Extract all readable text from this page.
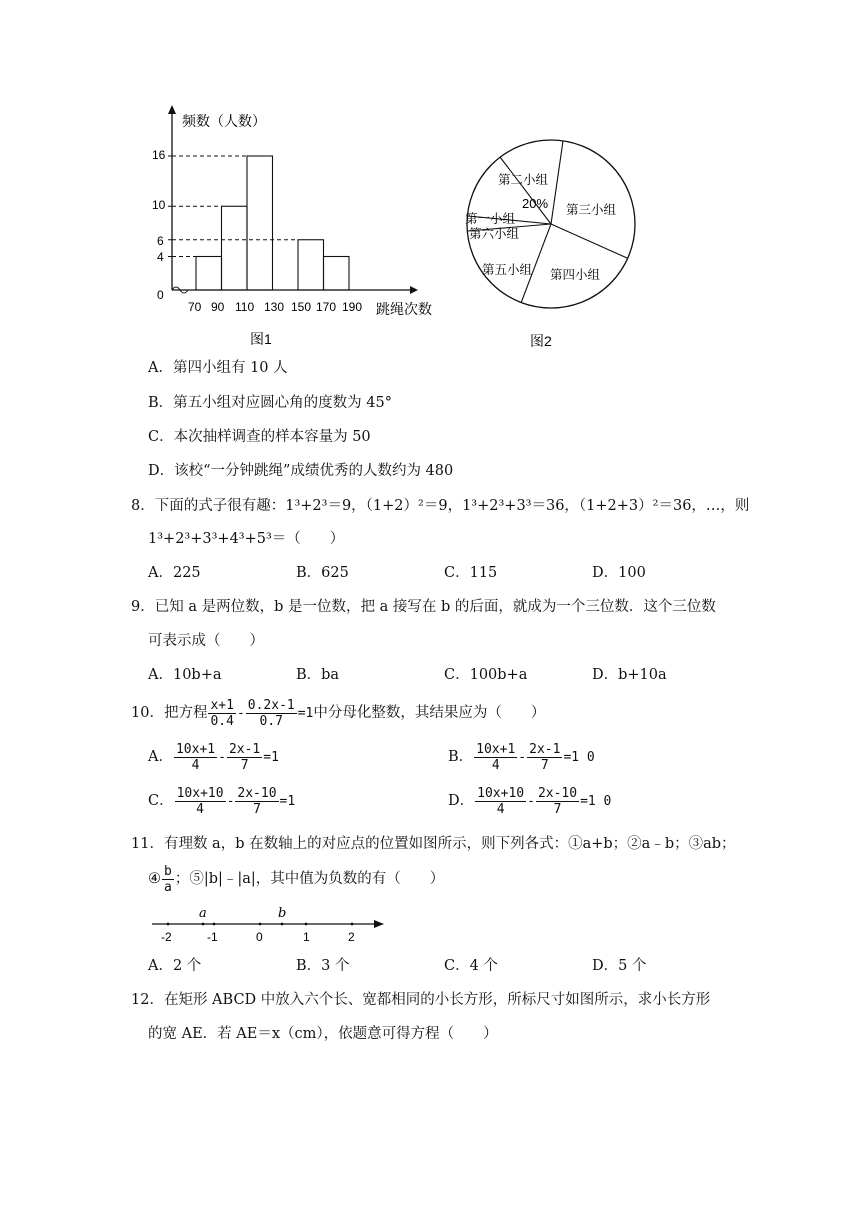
16
10
6
4
0
70 90 110 130 150 170 190
频数（人数）
跳绳次数
图1
第二小组
第三小组
第一小组
第六小组
第五小组 第四小组
20%
图2
A．第四小组有 10 人
B．第五小组对应圆心角的度数为 45°
C．本次抽样调查的样本容量为 50
D．该校“一分钟跳绳”成绩优秀的人数约为 480
8．下面的式子很有趣：1³+2³＝9，（1+2）²＝9，1³+2³+3³＝36，（1+2+3）²＝36，…，则
1³+2³+3³+4³+5³＝（　　）
A．225	B．625	C．115	D．100
9．已知 a 是两位数，b 是一位数，把 a 接写在 b 的后面，就成为一个三位数．这个三位数
可表示成（　　）
A．10b+a	B．ba	C．100b+a	D．b+10a
10．把方程 $\frac{x+1}{0.4} - \frac{0.2x-1}{0.7} =1$中分母化整数，其结果应为（　　）
A． $\frac{10x+1}{4} - \frac{2x-1}{7} =1$	B． $\frac{10x+1}{4} - \frac{2x-1}{7} =1$ 0
C． $\frac{10x+10}{4} - \frac{2x-10}{7} =1$	D． $\frac{10x+10}{4} - \frac{2x-10}{7} =1$ 0
11．有理数 a，b 在数轴上的对应点的位置如图所示，则下列各式：①a+b；②a﹣b；③ab；
④ $\frac{b}{a}$ ；⑤|b|﹣|a|，其中值为负数的有（　　）
a	b
-2	-1	0	1	2
A．2 个	B．3 个	C．4 个	D．5 个
12．在矩形 ABCD 中放入六个长、宽都相同的小长方形，所标尺寸如图所示，求小长方形
的宽 AE．若 AE＝x（cm），依题意可得方程（　　）
